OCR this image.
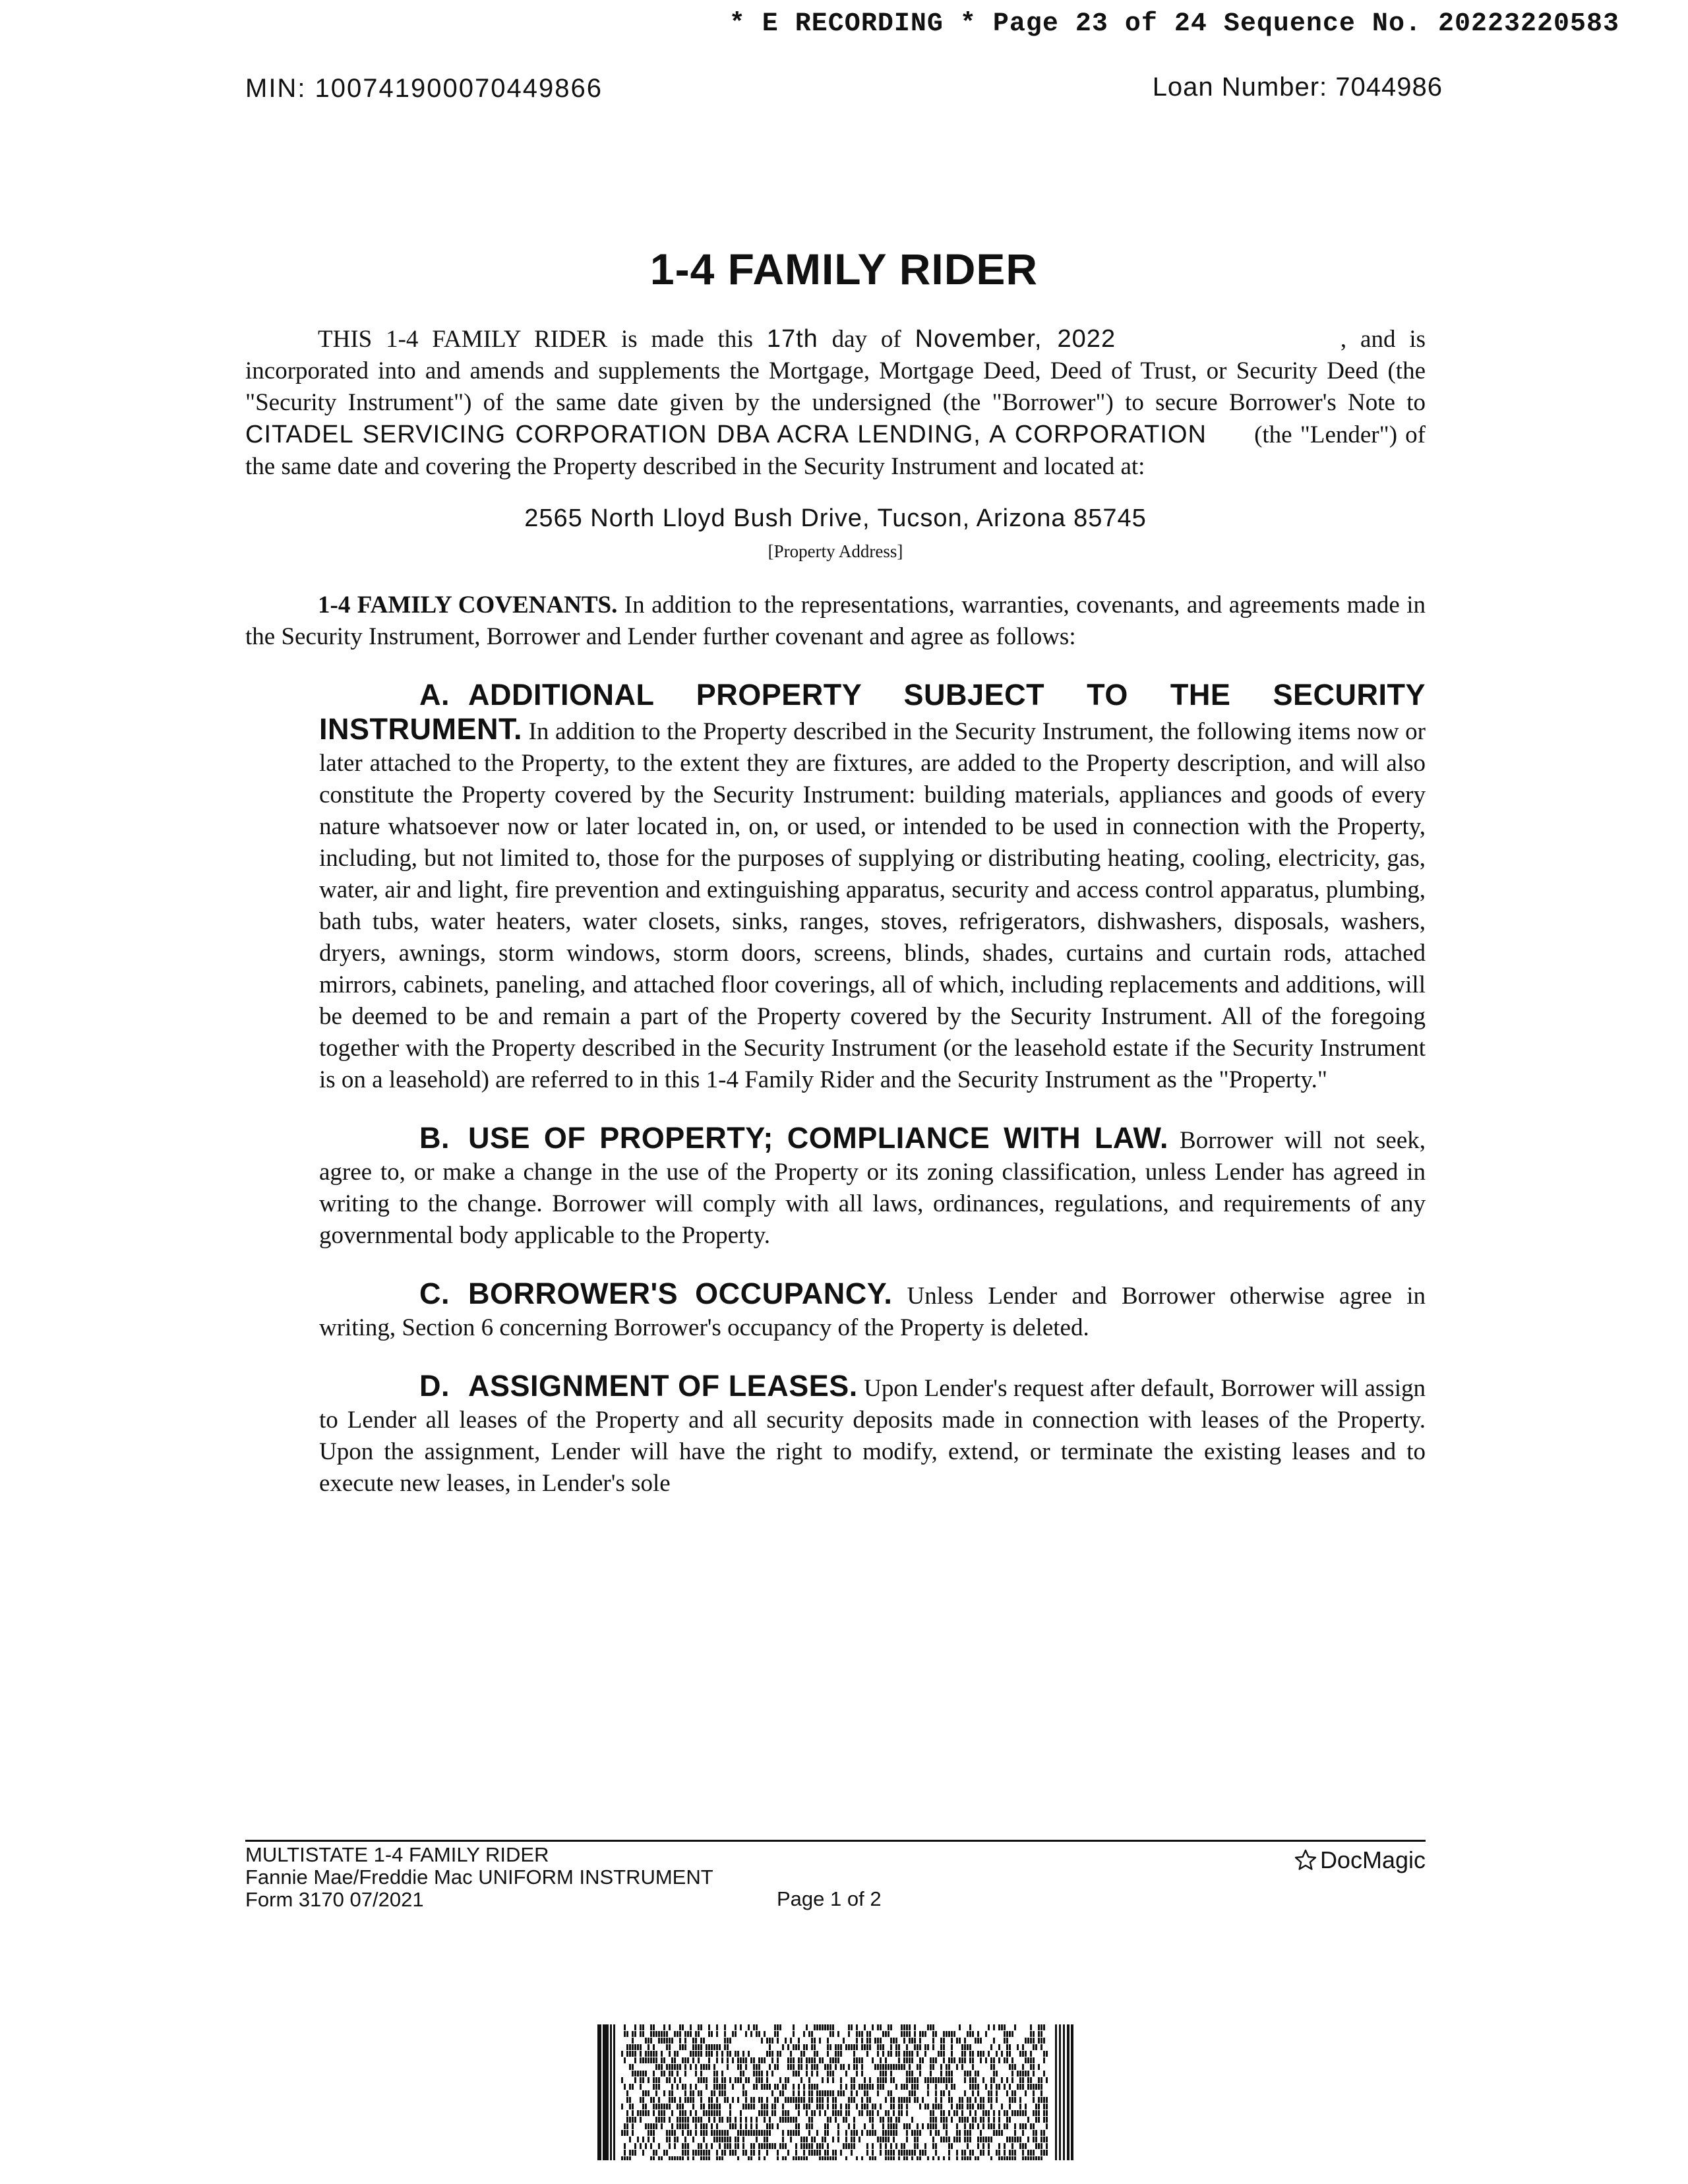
* E RECORDING * Page 23 of 24 Sequence No. 20223220583
MIN: 100741900070449866	Loan Number: 7044986
1-4 FAMILY RIDER

THIS 1-4 FAMILY RIDER is made this 17th day of November, 2022	, and is incorporated into and amends and supplements the Mortgage, Mortgage Deed, Deed of Trust, or Security Deed (the "Security Instrument") of the same date given by the undersigned (the "Borrower") to secure Borrower's Note to CITADEL SERVICING CORPORATION DBA ACRA LENDING, A CORPORATION (the "Lender") of the same date and covering the Property described in the Security Instrument and located at:

2565 North Lloyd Bush Drive, Tucson, Arizona 85745
[Property Address]

1-4 FAMILY COVENANTS. In addition to the representations, warranties, covenants, and agreements made in the Security Instrument, Borrower and Lender further covenant and agree as follows:

A. ADDITIONAL PROPERTY SUBJECT TO THE SECURITY INSTRUMENT. In addition to the Property described in the Security Instrument, the following items now or later attached to the Property, to the extent they are fixtures, are added to the Property description, and will also constitute the Property covered by the Security Instrument: building materials, appliances and goods of every nature whatsoever now or later located in, on, or used, or intended to be used in connection with the Property, including, but not limited to, those for the purposes of supplying or distributing heating, cooling, electricity, gas, water, air and light, fire prevention and extinguishing apparatus, security and access control apparatus, plumbing, bath tubs, water heaters, water closets, sinks, ranges, stoves, refrigerators, dishwashers, disposals, washers, dryers, awnings, storm windows, storm doors, screens, blinds, shades, curtains and curtain rods, attached mirrors, cabinets, paneling, and attached floor coverings, all of which, including replacements and additions, will be deemed to be and remain a part of the Property covered by the Security Instrument. All of the foregoing together with the Property described in the Security Instrument (or the leasehold estate if the Security Instrument is on a leasehold) are referred to in this 1-4 Family Rider and the Security Instrument as the "Property."

B. USE OF PROPERTY; COMPLIANCE WITH LAW. Borrower will not seek, agree to, or make a change in the use of the Property or its zoning classification, unless Lender has agreed in writing to the change. Borrower will comply with all laws, ordinances, regulations, and requirements of any governmental body applicable to the Property.

C. BORROWER'S OCCUPANCY. Unless Lender and Borrower otherwise agree in writing, Section 6 concerning Borrower's occupancy of the Property is deleted.

D. ASSIGNMENT OF LEASES. Upon Lender's request after default, Borrower will assign to Lender all leases of the Property and all security deposits made in connection with leases of the Property. Upon the assignment, Lender will have the right to modify, extend, or terminate the existing leases and to execute new leases, in Lender's sole

MULTISTATE 1-4 FAMILY RIDER
Fannie Mae/Freddie Mac UNIFORM INSTRUMENT
Form 3170 07/2021	Page 1 of 2
DocMagic
